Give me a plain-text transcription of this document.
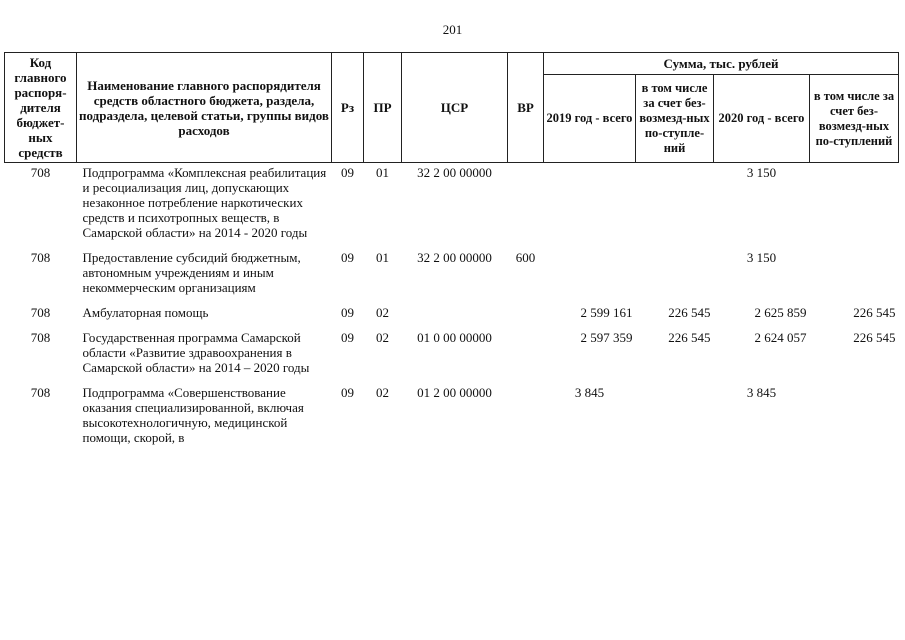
201
Код главного распоря-дителя бюджет-ных средств	Наименование главного распорядителя средств областного бюджета, раздела, подраздела, целевой статьи, группы видов расходов	Рз	ПР	ЦСР	ВР	Сумма, тыс. рублей			
						2019 год - всего	в том числе за счет без-возмезд-ных по-ступле-ний	2020 год - всего	в том числе за счет без-возмезд-ных по-ступлений
708	Подпрограмма «Комплексная реабилитация и ресоциализация лиц, допускающих незаконное потребление наркотических средств и психотропных веществ, в Самарской области» на 2014 - 2020 годы	09	01	32 2 00 00000				3 150	
708	Предоставление субсидий бюджетным, автономным учреждениям и иным некоммерческим организациям	09	01	32 2 00 00000	600			3 150	
708	Амбулаторная помощь	09	02			2 599 161	226 545	2 625 859	226 545
708	Государственная программа Самарской области «Развитие здравоохранения в Самарской области» на 2014 – 2020 годы	09	02	01 0 00 00000		2 597 359	226 545	2 624 057	226 545
708	Подпрограмма «Совершенствование оказания специализированной, включая высокотехнологичную, медицинской помощи, скорой, в	09	02	01 2 00 00000		3 845		3 845	
